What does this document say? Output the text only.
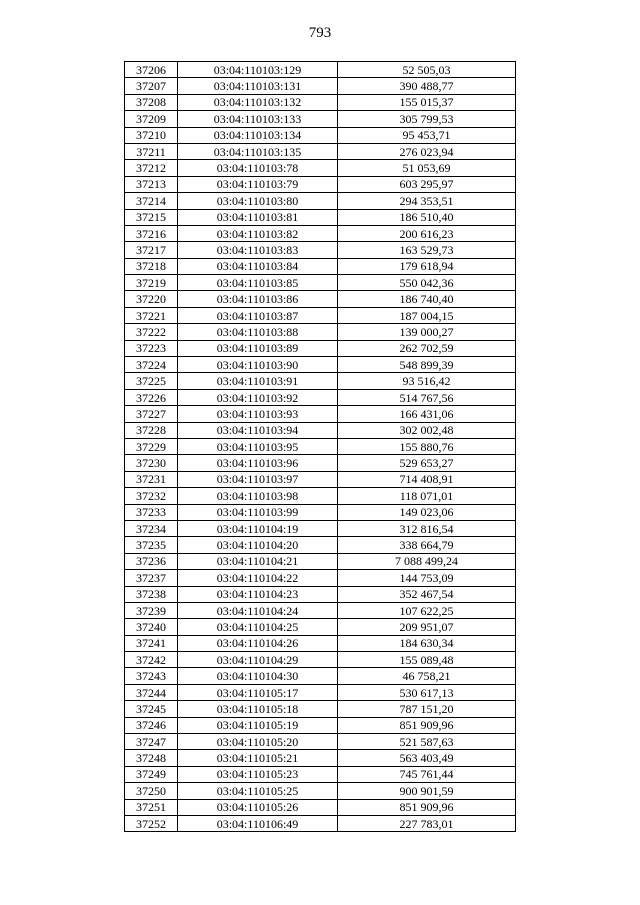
793
37206	03:04:110103:129	52 505,03
37207	03:04:110103:131	390 488,77
37208	03:04:110103:132	155 015,37
37209	03:04:110103:133	305 799,53
37210	03:04:110103:134	95 453,71
37211	03:04:110103:135	276 023,94
37212	03:04:110103:78	51 053,69
37213	03:04:110103:79	603 295,97
37214	03:04:110103:80	294 353,51
37215	03:04:110103:81	186 510,40
37216	03:04:110103:82	200 616,23
37217	03:04:110103:83	163 529,73
37218	03:04:110103:84	179 618,94
37219	03:04:110103:85	550 042,36
37220	03:04:110103:86	186 740,40
37221	03:04:110103:87	187 004,15
37222	03:04:110103:88	139 000,27
37223	03:04:110103:89	262 702,59
37224	03:04:110103:90	548 899,39
37225	03:04:110103:91	93 516,42
37226	03:04:110103:92	514 767,56
37227	03:04:110103:93	166 431,06
37228	03:04:110103:94	302 002,48
37229	03:04:110103:95	155 880,76
37230	03:04:110103:96	529 653,27
37231	03:04:110103:97	714 408,91
37232	03:04:110103:98	118 071,01
37233	03:04:110103:99	149 023,06
37234	03:04:110104:19	312 816,54
37235	03:04:110104:20	338 664,79
37236	03:04:110104:21	7 088 499,24
37237	03:04:110104:22	144 753,09
37238	03:04:110104:23	352 467,54
37239	03:04:110104:24	107 622,25
37240	03:04:110104:25	209 951,07
37241	03:04:110104:26	184 630,34
37242	03:04:110104:29	155 089,48
37243	03:04:110104:30	46 758,21
37244	03:04:110105:17	530 617,13
37245	03:04:110105:18	787 151,20
37246	03:04:110105:19	851 909,96
37247	03:04:110105:20	521 587,63
37248	03:04:110105:21	563 403,49
37249	03:04:110105:23	745 761,44
37250	03:04:110105:25	900 901,59
37251	03:04:110105:26	851 909,96
37252	03:04:110106:49	227 783,01
